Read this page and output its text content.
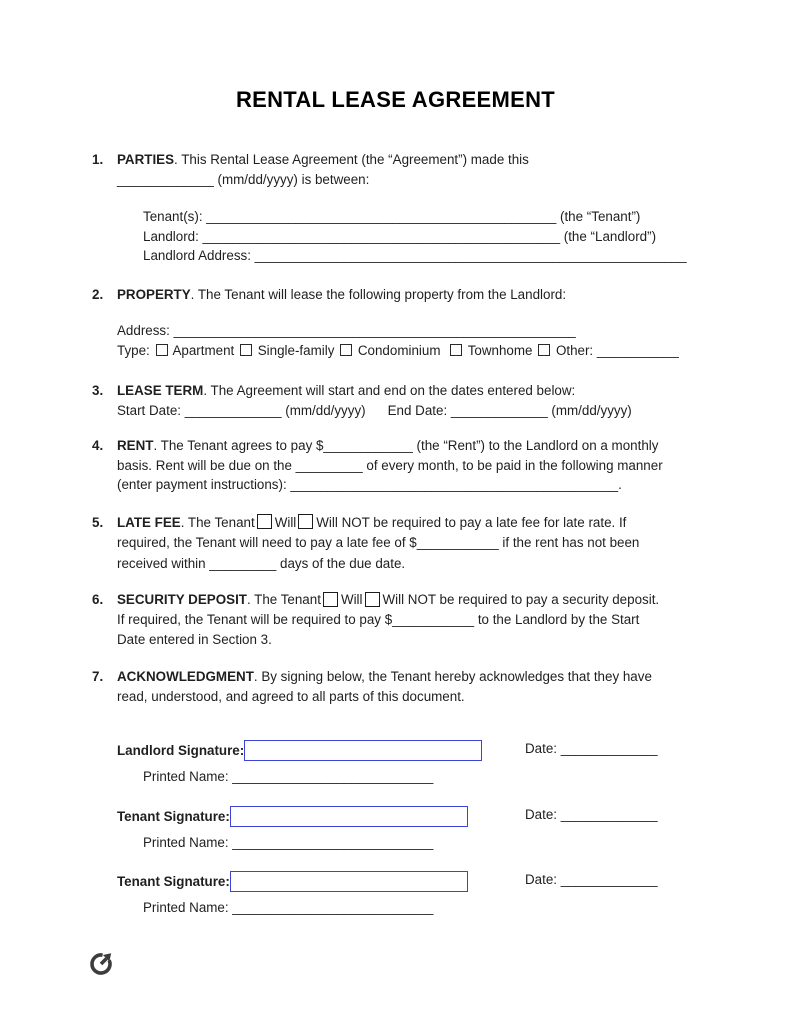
RENTAL LEASE AGREEMENT
1.	PARTIES. This Rental Lease Agreement (the “Agreement”) made this
_____________ (mm/dd/yyyy) is between:
Tenant(s): _______________________________________________ (the “Tenant”)
Landlord: ________________________________________________ (the “Landlord”)
Landlord Address: __________________________________________________________
2.	PROPERTY. The Tenant will lease the following property from the Landlord:
Address: ______________________________________________________
Type: Apartment Single-family Condominium Townhome Other: ___________
3.	LEASE TERM. The Agreement will start and end on the dates entered below:
Start Date: _____________ (mm/dd/yyyy) End Date: _____________ (mm/dd/yyyy)
4.	RENT. The Tenant agrees to pay $____________ (the “Rent”) to the Landlord on a monthly
basis. Rent will be due on the _________ of every month, to be paid in the following manner
(enter payment instructions): ____________________________________________.
5.	LATE FEE. The Tenant Will Will NOT be required to pay a late fee for late rate. If
required, the Tenant will need to pay a late fee of $___________ if the rent has not been
received within _________ days of the due date.
6.	SECURITY DEPOSIT. The Tenant Will Will NOT be required to pay a security deposit.
If required, the Tenant will be required to pay $___________ to the Landlord by the Start
Date entered in Section 3.
7.	ACKNOWLEDGMENT. By signing below, the Tenant hereby acknowledges that they have
read, understood, and agreed to all parts of this document.
Landlord Signature:	Date: _____________
Printed Name: ___________________________
Tenant Signature:	Date: _____________
Printed Name: ___________________________
Tenant Signature:	Date: _____________
Printed Name: ___________________________
